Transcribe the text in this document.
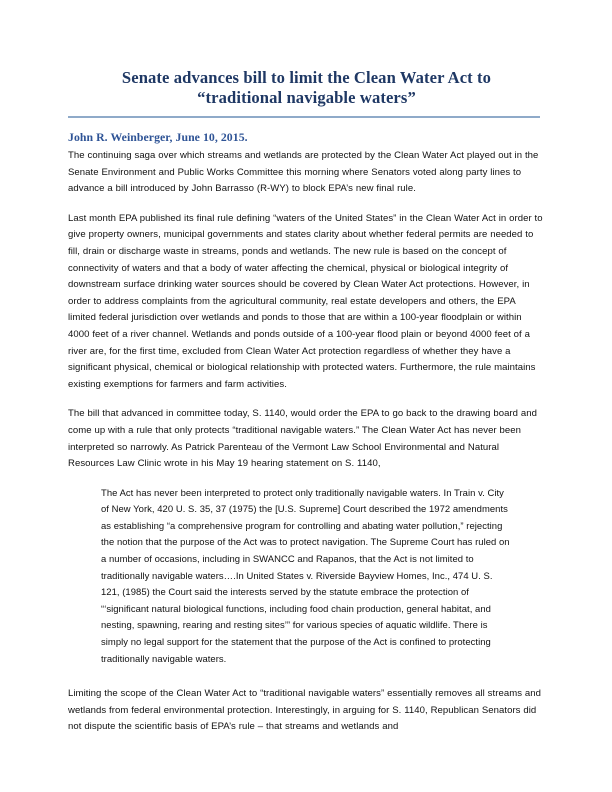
Senate advances bill to limit the Clean Water Act to
“traditional navigable waters”
John R. Weinberger, June 10, 2015.

The continuing saga over which streams and wetlands are protected by the Clean Water Act played out in the Senate Environment and Public Works Committee this morning where Senators voted along party lines to advance a bill introduced by John Barrasso (R-WY) to block EPA’s new final rule.

Last month EPA published its final rule defining “waters of the United States” in the Clean Water Act in order to give property owners, municipal governments and states clarity about whether federal permits are needed to fill, drain or discharge waste in streams, ponds and wetlands. The new rule is based on the concept of connectivity of waters and that a body of water affecting the chemical, physical or biological integrity of downstream surface drinking water sources should be covered by Clean Water Act protections. However, in order to address complaints from the agricultural community, real estate developers and others, the EPA limited federal jurisdiction over wetlands and ponds to those that are within a 100-year floodplain or within 4000 feet of a river channel. Wetlands and ponds outside of a 100-year flood plain or beyond 4000 feet of a river are, for the first time, excluded from Clean Water Act protection regardless of whether they have a significant physical, chemical or biological relationship with protected waters. Furthermore, the rule maintains existing exemptions for farmers and farm activities.

The bill that advanced in committee today, S. 1140, would order the EPA to go back to the drawing board and come up with a rule that only protects “traditional navigable waters.” The Clean Water Act has never been interpreted so narrowly. As Patrick Parenteau of the Vermont Law School Environmental and Natural Resources Law Clinic wrote in his May 19 hearing statement on S. 1140,

The Act has never been interpreted to protect only traditionally navigable waters. In Train v. City of New York, 420 U. S. 35, 37 (1975) the [U.S. Supreme] Court described the 1972 amendments as establishing “a comprehensive program for controlling and abating water pollution,” rejecting the notion that the purpose of the Act was to protect navigation. The Supreme Court has ruled on a number of occasions, including in SWANCC and Rapanos, that the Act is not limited to traditionally navigable waters….In United States v. Riverside Bayview Homes, Inc., 474 U. S. 121, (1985) the Court said the interests served by the statute embrace the protection of “‘significant natural biological functions, including food chain production, general habitat, and nesting, spawning, rearing and resting sites’” for various species of aquatic wildlife. There is simply no legal support for the statement that the purpose of the Act is confined to protecting traditionally navigable waters.

Limiting the scope of the Clean Water Act to “traditional navigable waters” essentially removes all streams and wetlands from federal environmental protection. Interestingly, in arguing for S. 1140, Republican Senators did not dispute the scientific basis of EPA’s rule – that streams and wetlands and
